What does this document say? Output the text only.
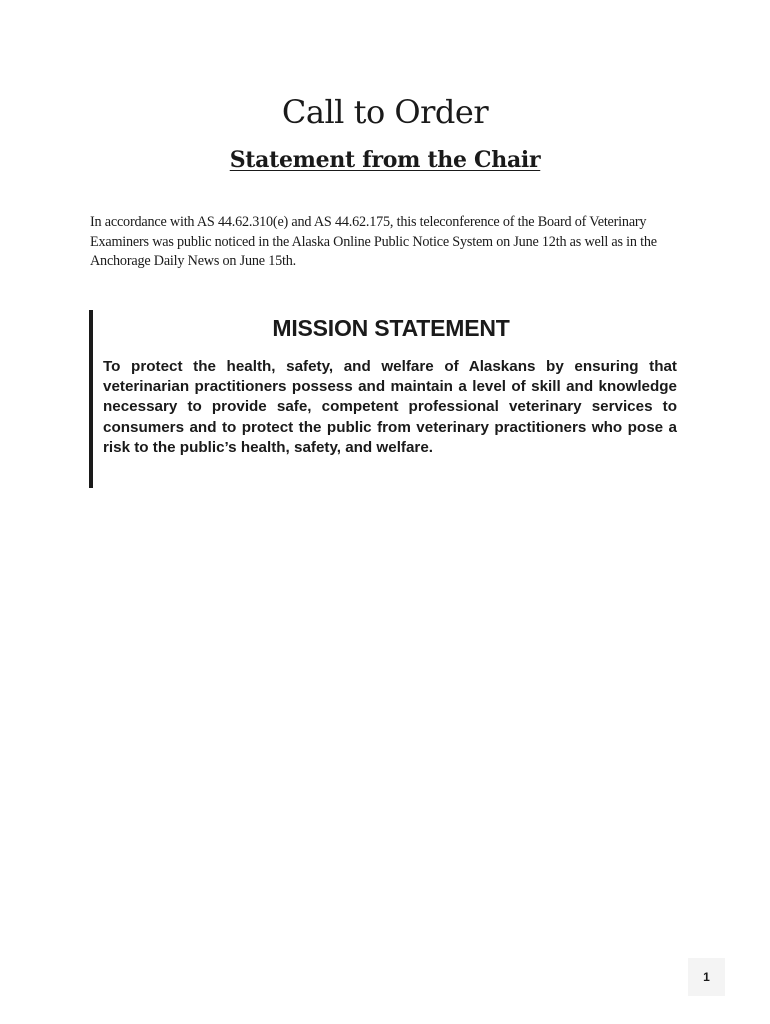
Call to Order
Statement from the Chair

In accordance with AS 44.62.310(e) and AS 44.62.175, this teleconference of the Board of Veterinary Examiners was public noticed in the Alaska Online Public Notice System on June 12th as well as in the Anchorage Daily News on June 15th.

MISSION STATEMENT

To protect the health, safety, and welfare of Alaskans by ensuring that veterinarian practitioners possess and maintain a level of skill and knowledge necessary to provide safe, competent professional veterinary services to consumers and to protect the public from veterinary practitioners who pose a risk to the public’s health, safety, and welfare.

1
